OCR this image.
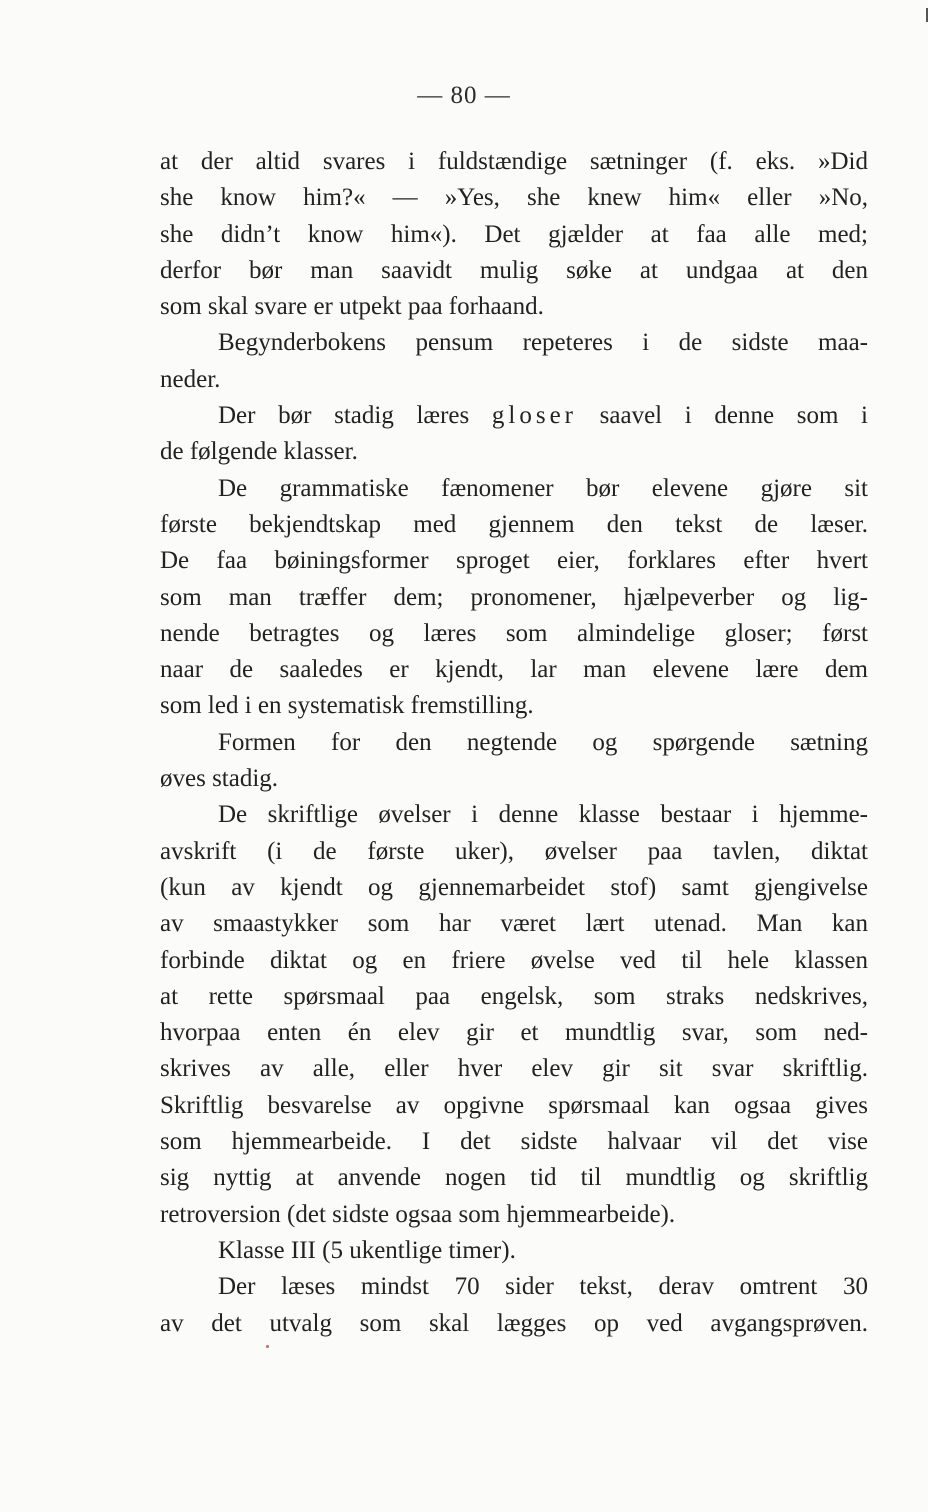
— 80 —
at der altid svares i fuldstændige sætninger (f. eks. »Did
she know him?« — »Yes, she knew him« eller »No,
she didn’t know him«). Det gjælder at faa alle med;
derfor bør man saavidt mulig søke at undgaa at den
som skal svare er utpekt paa forhaand.
Begynderbokens pensum repeteres i de sidste maa-
neder.
Der bør stadig læres gloser saavel i denne som i
de følgende klasser.
De grammatiske fænomener bør elevene gjøre sit
første bekjendtskap med gjennem den tekst de læser.
De faa bøiningsformer sproget eier, forklares efter hvert
som man træffer dem; pronomener, hjælpeverber og lig-
nende betragtes og læres som almindelige gloser; først
naar de saaledes er kjendt, lar man elevene lære dem
som led i en systematisk fremstilling.
Formen for den negtende og spørgende sætning
øves stadig.
De skriftlige øvelser i denne klasse bestaar i hjemme-
avskrift (i de første uker), øvelser paa tavlen, diktat
(kun av kjendt og gjennemarbeidet stof) samt gjengivelse
av smaastykker som har været lært utenad. Man kan
forbinde diktat og en friere øvelse ved til hele klassen
at rette spørsmaal paa engelsk, som straks nedskrives,
hvorpaa enten én elev gir et mundtlig svar, som ned-
skrives av alle, eller hver elev gir sit svar skriftlig.
Skriftlig besvarelse av opgivne spørsmaal kan ogsaa gives
som hjemmearbeide. I det sidste halvaar vil det vise
sig nyttig at anvende nogen tid til mundtlig og skriftlig
retroversion (det sidste ogsaa som hjemmearbeide).
Klasse III (5 ukentlige timer).
Der læses mindst 70 sider tekst, derav omtrent 30
av det utvalg som skal lægges op ved avgangsprøven.
